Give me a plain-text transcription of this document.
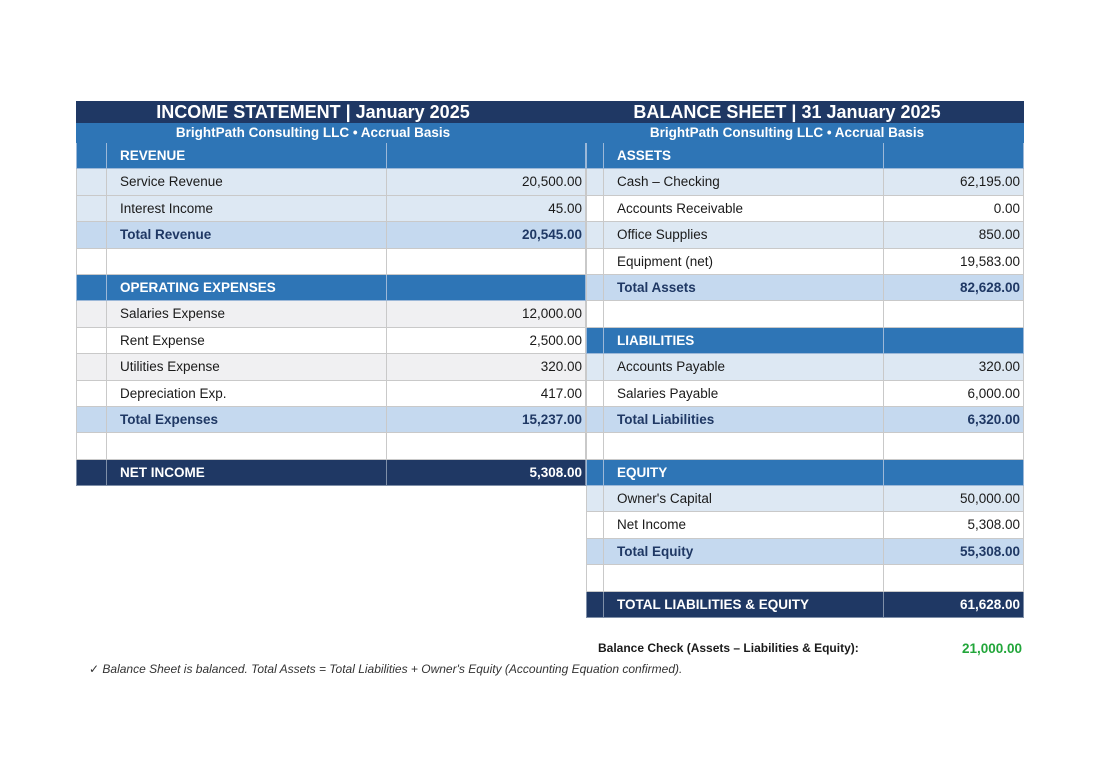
INCOME STATEMENT | January 2025	BALANCE SHEET | 31 January 2025
BrightPath Consulting LLC • Accrual Basis	BrightPath Consulting LLC • Accrual Basis
REVENUE
Service Revenue	20,500.00
Interest Income	45.00
Total Revenue	20,545.00
OPERATING EXPENSES
Salaries Expense	12,000.00
Rent Expense	2,500.00
Utilities Expense	320.00
Depreciation Exp.	417.00
Total Expenses	15,237.00
NET INCOME	5,308.00
ASSETS
Cash – Checking	62,195.00
Accounts Receivable	0.00
Office Supplies	850.00
Equipment (net)	19,583.00
Total Assets	82,628.00
LIABILITIES
Accounts Payable	320.00
Salaries Payable	6,000.00
Total Liabilities	6,320.00
EQUITY
Owner's Capital	50,000.00
Net Income	5,308.00
Total Equity	55,308.00
TOTAL LIABILITIES & EQUITY	61,628.00
Balance Check (Assets – Liabilities & Equity):	21,000.00
✓ Balance Sheet is balanced. Total Assets = Total Liabilities + Owner's Equity (Accounting Equation confirmed).
